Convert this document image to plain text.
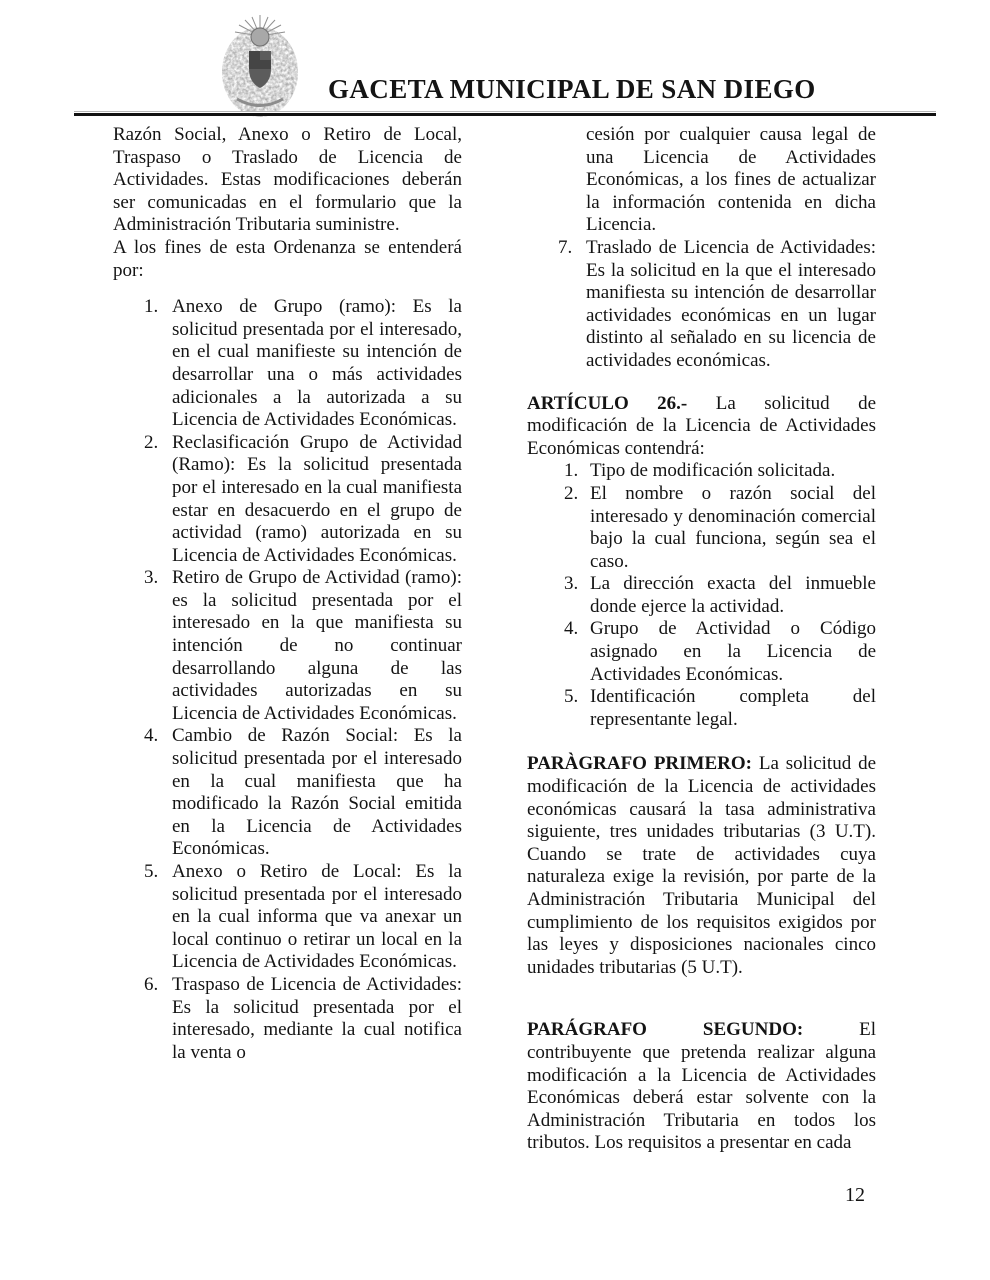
GACETA MUNICIPAL DE SAN DIEGO

Razón Social, Anexo o Retiro de Local, Traspaso o Traslado de Licencia de Actividades. Estas modificaciones deberán ser comunicadas en el formulario que la Administración Tributaria suministre.

A los fines de esta Ordenanza se entenderá por:

1. Anexo de Grupo (ramo): Es la solicitud presentada por el interesado, en el cual manifieste su intención de desarrollar una o más actividades adicionales a la autorizada a su Licencia de Actividades Económicas.
2. Reclasificación Grupo de Actividad (Ramo): Es la solicitud presentada por el interesado en la cual manifiesta estar en desacuerdo en el grupo de actividad (ramo) autorizada en su Licencia de Actividades Económicas.
3. Retiro de Grupo de Actividad (ramo): es la solicitud presentada por el interesado en la que manifiesta su intención de no continuar desarrollando alguna de las actividades autorizadas en su Licencia de Actividades Económicas.
4. Cambio de Razón Social: Es la solicitud presentada por el interesado en la cual manifiesta que ha modificado la Razón Social emitida en la Licencia de Actividades Económicas.
5. Anexo o Retiro de Local: Es la solicitud presentada por el interesado en la cual informa que va anexar un local continuo o retirar un local en la Licencia de Actividades Económicas.
6. Traspaso de Licencia de Actividades: Es la solicitud presentada por el interesado, mediante la cual notifica la venta o

cesión por cualquier causa legal de una Licencia de Actividades Económicas, a los fines de actualizar la información contenida en dicha Licencia.

7. Traslado de Licencia de Actividades: Es la solicitud en la que el interesado manifiesta su intención de desarrollar actividades económicas en un lugar distinto al señalado en su licencia de actividades económicas.

ARTÍCULO 26.- La solicitud de modificación de la Licencia de Actividades Económicas contendrá:

1. Tipo de modificación solicitada.
2. El nombre o razón social del interesado y denominación comercial bajo la cual funciona, según sea el caso.
3. La dirección exacta del inmueble donde ejerce la actividad.
4. Grupo de Actividad o Código asignado en la Licencia de Actividades Económicas.
5. Identificación completa del representante legal.

PARÀGRAFO PRIMERO: La solicitud de modificación de la Licencia de actividades económicas causará la tasa administrativa siguiente, tres unidades tributarias (3 U.T). Cuando se trate de actividades cuya naturaleza exige la revisión, por parte de la Administración Tributaria Municipal del cumplimiento de los requisitos exigidos por las leyes y disposiciones nacionales cinco unidades tributarias (5 U.T).

PARÁGRAFO SEGUNDO:	El contribuyente que pretenda realizar alguna modificación a la Licencia de Actividades Económicas deberá estar solvente con la Administración Tributaria en todos los tributos. Los requisitos a presentar en cada

12
